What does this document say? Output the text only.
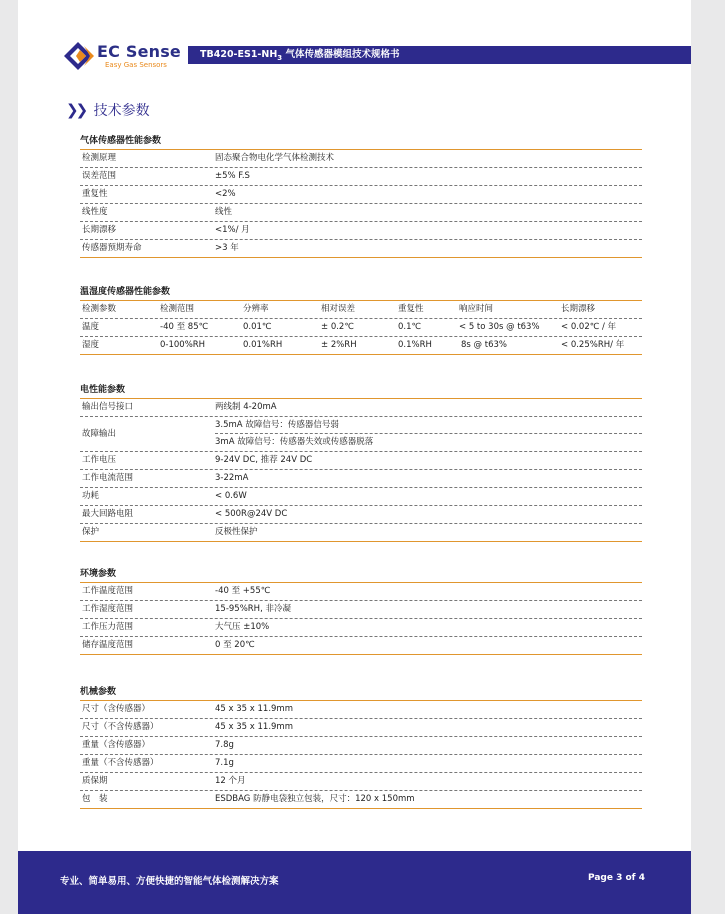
EC Sense
Easy Gas Sensors
$TB420-ES1-NH_3$ 气体传感器模组技术规格书
❯❯ 技术参数
气体传感器性能参数
检测原理	固态聚合物电化学气体检测技术
误差范围	±5% F.S
重复性	<2%
线性度	线性
长期漂移	<1%/ 月
传感器预期寿命	>3 年
温湿度传感器性能参数
检测参数	检测范围	分辨率	相对误差	重复性	响应时间	长期漂移
温度	-40 至 85℃	0.01℃	± 0.2℃	0.1℃	< 5 to 30s @ t63%	< 0.02℃ / 年
湿度	0-100%RH	0.01%RH	± 2%RH	0.1%RH	8s @ t63%	< 0.25%RH/ 年
电性能参数
输出信号接口	两线制 4-20mA
故障输出
3.5mA 故障信号：传感器信号弱
3mA 故障信号：传感器失效或传感器脱落
工作电压	9-24V DC, 推荐 24V DC
工作电流范围	3-22mA
功耗	< 0.6W
最大回路电阻	< 500R@24V DC
保护	反极性保护
环境参数
工作温度范围	-40 至 +55℃
工作湿度范围	15-95%RH, 非冷凝
工作压力范围	大气压 ±10%
储存温度范围	0 至 20℃
机械参数
尺寸（含传感器）	45 x 35 x 11.9mm
尺寸（不含传感器）	45 x 35 x 11.9mm
重量（含传感器）	7.8g
重量（不含传感器）	7.1g
质保期	12 个月
包　装	ESDBAG 防静电袋独立包装，尺寸：120 x 150mm
专业、简单易用、方便快捷的智能气体检测解决方案	Page 3 of 4
